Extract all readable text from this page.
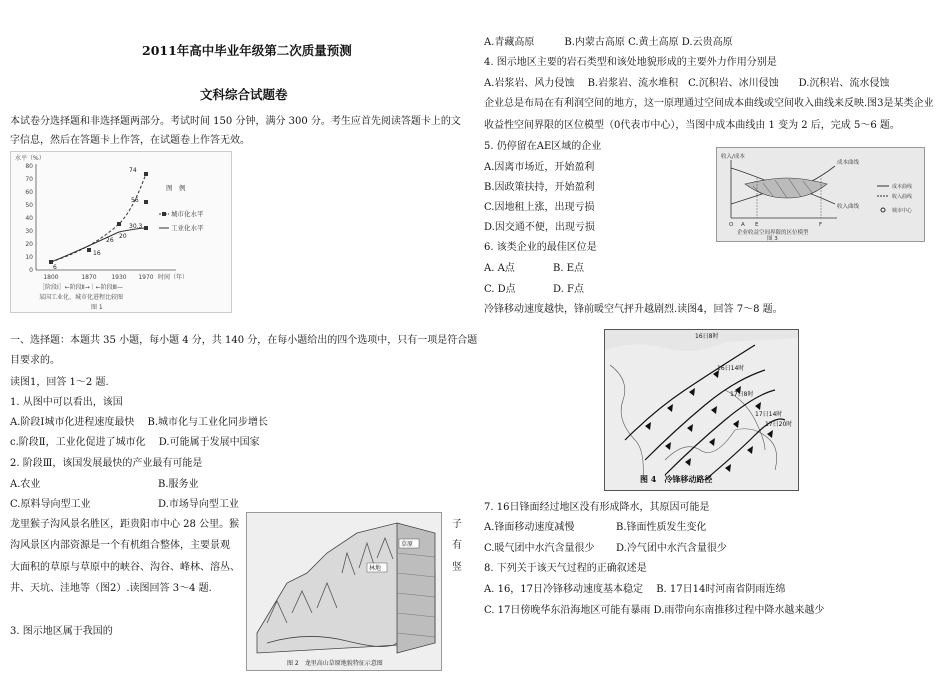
2011年高中毕业年级第二次质量预测
文科综合试题卷
本试卷分选择题和非选择题两部分。考试时间 150 分钟，满分 300 分。考生应首先阅读答题卡上的文
字信息，然后在答题卡上作答，在试题卷上作答无效。
水平（%）
80
70
60
50
40
30
20
10
0
1800	1870 1930 1970 时间（年）
74
56
30.3
26
16
6
20
图　例
城市化水平
工业化水平
［阶段Ⅰ］←阶段Ⅱ→｜←阶段Ⅲ—
某国工业化、城市化进程比较图
图 1
一、选择题：本题共 35 小题，每小题 4 分，共 140 分，在每小题给出的四个选项中，只有一项是符合题
目要求的。
读图1，回答 1～2 题.
1. 从图中可以看出，该国
A.阶段Ⅰ城市化进程速度最快　 B.城市化与工业化同步增长
c.阶段Ⅱ，工业化促进了城市化　 D.可能属于发展中国家
2. 阶段Ⅲ，该国发展最快的产业最有可能是
A.农业	B.服务业
C.原料导向型工业	D.市场导向型工业
龙里猴子沟风景名胜区，距贵阳市中心 28 公里。猴
沟风景区内部资源是一个有机组合整体，主要景观
大面积的草原与草原中的峡谷、沟谷、峰林、溶丛、
井、天坑、洼地等（图2）.读图回答 3～4 题.
子
有
竖
3. 图示地区属于我国的
草原
林地
图 2　龙里高山草原地貌特征示意图
A.青藏高原　　　B.内蒙古高原 C.黄土高原 D.云贵高原
4. 图示地区主要的岩石类型和该处地貌形成的主要外力作用分别是
A.岩浆岩、风力侵蚀　 B.岩浆岩、流水堆积　C.沉积岩、冰川侵蚀　　D.沉积岩、流水侵蚀
企业总是布局在有利润空间的地方，这一原理通过空间成本曲线或空间收入曲线来反映.图3是某类企业
收益性空间界限的区位模型（0代表市中心），当图中成本曲线由 1 变为 2 后，完成 5～6 题。
5. 仍停留在AE区域的企业
A.因离市场近，开始盈利
B.因政策扶持，开始盈利
C.因地租上涨，出现亏损
D.因交通不便，出现亏损
6. 该类企业的最佳区位是
A. A点	B. E点
C. D点	D. F点
冷锋移动速度越快，锋前暖空气抨升越剧烈.读图4，回答 7～8 题。
收入/成本
O A E	F
成本曲线
收入曲线
成本曲线
收入曲线
城市中心
企业收益空间界限的区位模型
图 3
16日8时
16日14时
17日8时
17日14时
17日20时
图 4　冷锋移动路径
7. 16日锋面经过地区没有形成降水，其原因可能是
A.锋面移动速度减慢	B.锋面性质发生变化
C.暖气团中水汽含量很少 D.冷气团中水汽含量很少
8. 下列关于该天气过程的正确叙述是
A. 16，17日冷锋移动速度基本稳定　 B. 17日14时河南省阴雨连绵
C. 17日傍晚华东沿海地区可能有暴雨 D.雨带向东南推移过程中降水越来越少
